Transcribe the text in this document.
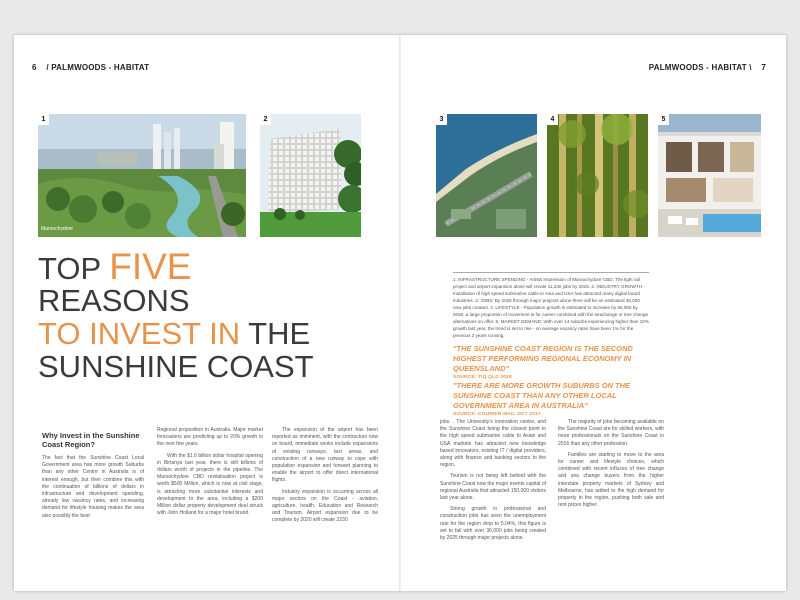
6 / PALMWOODS - HABITAT
1
Maroochydore
2
TOP FIVE
REASONS
TO INVEST IN THE
SUNSHINE COAST
Why Invest in the Sunshine Coast Region?

The fact that the Sunshine Coast Local Government area has more growth Suburbs than any other Centre in Australia is of interest enough, but then combine this with the continuation of billions of dollars in infrastructure and development spending, already low vacancy rates, and increasing demand for lifestyle housing makes the area also possibly the best

Regional proposition in Australia. Major market forecasters are predicting up to 20% growth in the next few years.

With the $1.6 billion dollar hospital opening in Birtanya last year, there is still billions of dollars worth of projects in the pipeline. The Maroochydore CBD revitalisation project is worth $500 Million, which is now at civil stage, is attracting more substantial interests and development to the area, including a $200 Million dollar property development deal struck with John Holland for a major hotel brand.

The expansion of the airport has been reported as imminent, with the contractors now on board, immediate works include expansions of existing runways, taxi areas, and construction of a new runway to cope with population expansion and forward planning to enable the airport to offer direct international flights.

Industry expansion is occurring across all major sectors on the Coast - aviation, agriculture, health, Education and Research and Tourism. Airport expansion due to be complete by 2020 will create 2230

PALMWOODS - HABITAT \ 7
3	4	5
1. INFRASTRUCTURE SPENDING - Artists Impression of Maroochydore CBD. The light rail project and airport expansion alone will create 11,230 jobs by 2025. 2. INDUSTRY GROWTH - Installation of high speed submarine cable to Asia and USA has attracted many digital board industries. 3. JOBS: By 2025 through major projects alone there will be an estimated 36,030 new jobs created. 4. LIFESTYLE - Population growth is estimated to increase by 66,000 by 2026, a large proportion of movement is for career combined with the seachange or tree change alternatives on offer. 5. MARKET DEMAND: With over 14 suburbs experiencing higher than 10% growth last year, the trend is set to rise - on average vacancy rates have been 1% for the previous 3 years running.
"THE SUNSHINE COAST REGION IS THE SECOND HIGHEST PERFORMING REGIONAL ECONOMY IN QUEENSLAND"
SOURCE: TIQ QLD 2018
"THERE ARE MORE GROWTH SUBURBS ON THE SUNSHINE COAST THAN ANY OTHER LOCAL GOVERNMENT AREA IN AUSTRALIA"
SOURCE: COURIER MAIL OCT 2017

jobs. . The University's innovation centre, and the Sunshine Coast being the closest point to the high speed submarine cable to Asian and USA markets has attracted new knowledge based innovators, existing IT / digital providers, along with finance and banking sectors to the region.

Tourism is not being left behind with the Sunshine Coast now the major events capital of regional Australia that attracted 150,000 visitors last year alone.

Strong growth in professional and construction jobs has seen the unemployment rate for the region drop to 5.04%, this figure is set to fall with over 36,000 jobs being created by 2025 through major projects alone.

The majority of jobs becoming available on the Sunshine Coast are for skilled workers, with more professionals on the Sunshine Coast in 2016 than any other profession.

Families are starting to move to the area for career and lifestyle choices, which combined with recent influxes of tree change and sea change buyers from the higher interstate property markets of Sydney and Melbourne, has added to the high demand for property in the region, pushing both sale and rent prices higher.
